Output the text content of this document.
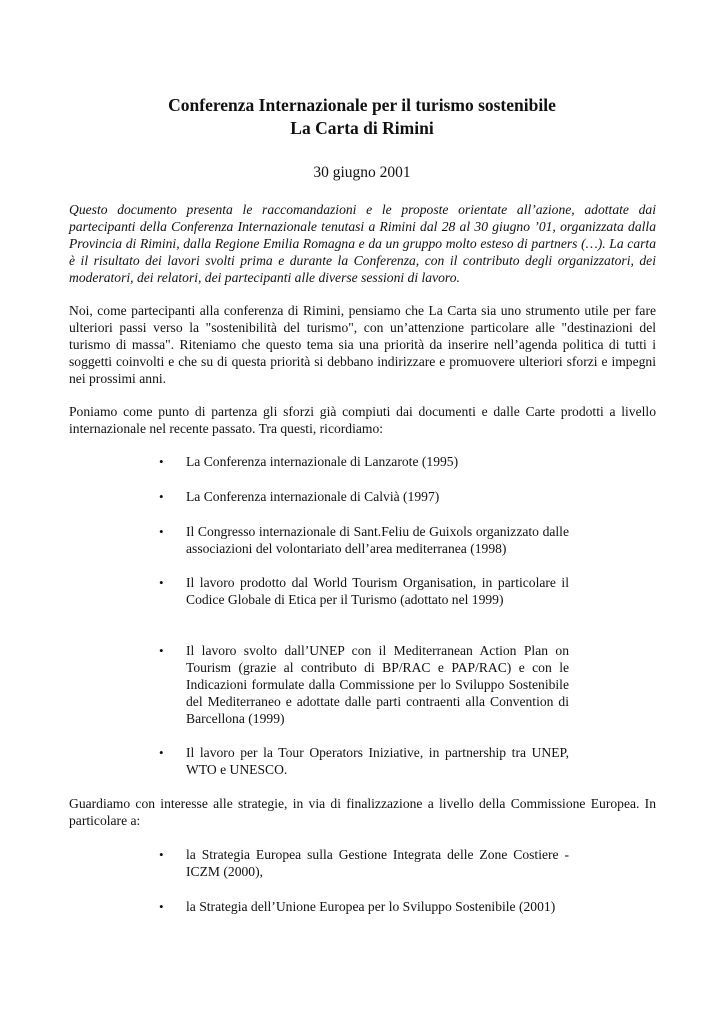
Conferenza Internazionale per il turismo sostenibile
La Carta di Rimini

30 giugno 2001

Questo documento presenta le raccomandazioni e le proposte orientate all’azione, adottate dai partecipanti della Conferenza Internazionale tenutasi a Rimini dal 28 al 30 giugno ’01, organizzata dalla Provincia di Rimini, dalla Regione Emilia Romagna e da un gruppo molto esteso di partners (…). La carta è il risultato dei lavori svolti prima e durante la Conferenza, con il contributo degli organizzatori, dei moderatori, dei relatori, dei partecipanti alle diverse sessioni di lavoro.

Noi, come partecipanti alla conferenza di Rimini, pensiamo che La Carta sia uno strumento utile per fare ulteriori passi verso la "sostenibilità del turismo", con un’attenzione particolare alle "destinazioni del turismo di massa". Riteniamo che questo tema sia una priorità da inserire nell’agenda politica di tutti i soggetti coinvolti e che su di questa priorità si debbano indirizzare e promuovere ulteriori sforzi e impegni nei prossimi anni.

Poniamo come punto di partenza gli sforzi già compiuti dai documenti e dalle Carte prodotti a livello internazionale nel recente passato. Tra questi, ricordiamo:

•	La Conferenza internazionale di Lanzarote (1995)
•	La Conferenza internazionale di Calvià (1997)
•	Il Congresso internazionale di Sant.Feliu de Guixols organizzato dalle associazioni del volontariato dell’area mediterranea (1998)
•	Il lavoro prodotto dal World Tourism Organisation, in particolare il Codice Globale di Etica per il Turismo (adottato nel 1999)
•	Il lavoro svolto dall’UNEP con il Mediterranean Action Plan on Tourism (grazie al contributo di BP/RAC e PAP/RAC) e con le Indicazioni formulate dalla Commissione per lo Sviluppo Sostenibile del Mediterraneo e adottate dalle parti contraenti alla Convention di Barcellona (1999)
•	Il lavoro per la Tour Operators Iniziative, in partnership tra UNEP, WTO e UNESCO.

Guardiamo con interesse alle strategie, in via di finalizzazione a livello della Commissione Europea. In particolare a:

•	la Strategia Europea sulla Gestione Integrata delle Zone Costiere - ICZM (2000),
•	la Strategia dell’Unione Europea per lo Sviluppo Sostenibile (2001)
